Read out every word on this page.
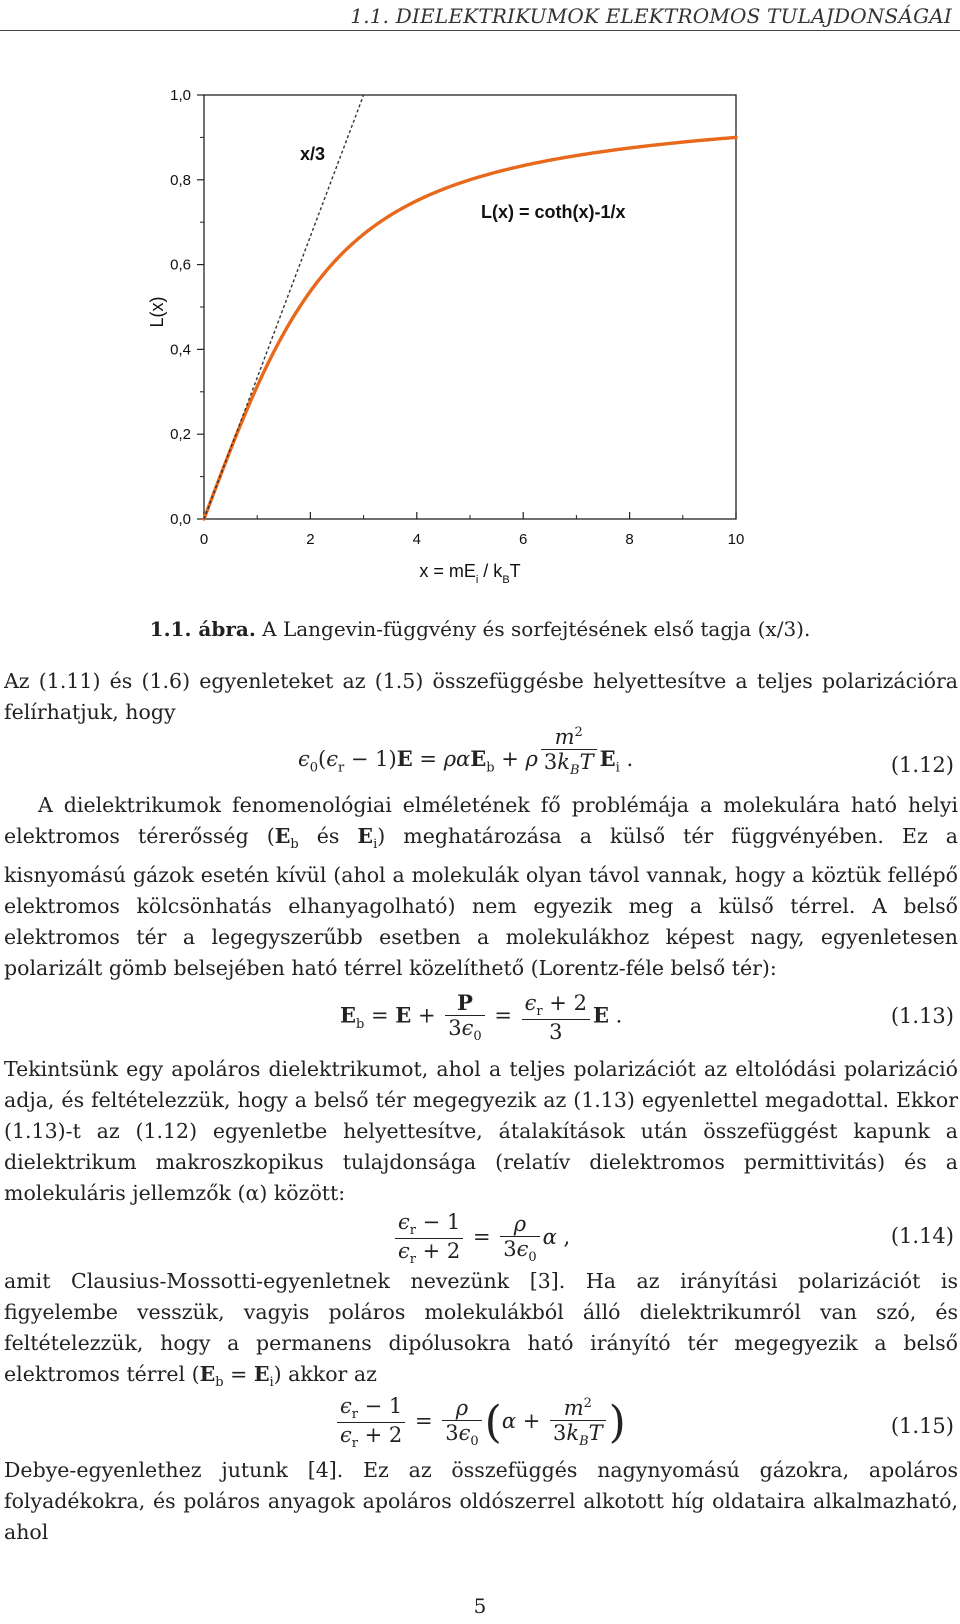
1.1. DIELEKTRIKUMOK ELEKTROMOS TULAJDONSÁGAI
0	2	4	6	8	10
0,0
0,2
0,4
0,6
0,8
1,0
$x = mE_i / k_BT$
L(x)
x/3
L(x) = coth(x)-1/x
1.1. ábra. A Langevin-függvény és sorfejtésének első tagja (x/3).
Az (1.11) és (1.6) egyenleteket az (1.5) összefüggésbe helyettesítve a teljes polarizációra felírhatjuk, hogy
$\epsilon_0(\epsilon_r - 1)E = \rho\alpha E_b + \rho \frac{m^2}{3k_BT} E_i$ .	(1.12)
A dielektrikumok fenomenológiai elméletének fő problémája a molekulára ható helyi elektromos térerősség ($E_b$ és $E_i$) meghatározása a külső tér függvényében. Ez a kisnyomású gázok esetén kívül (ahol a molekulák olyan távol vannak, hogy a köztük fellépő elektromos kölcsönhatás elhanyagolható) nem egyezik meg a külső térrel. A belső elektromos tér a legegyszerűbb esetben a molekulákhoz képest nagy, egyenletesen polarizált gömb belsejében ható térrel közelíthető (Lorentz-féle belső tér):
$E_b = E + \frac{P}{3\epsilon_0} = \frac{\epsilon_r + 2}{3}$ E .	(1.13)
Tekintsünk egy apoláros dielektrikumot, ahol a teljes polarizációt az eltolódási polarizáció adja, és feltételezzük, hogy a belső tér megegyezik az (1.13) egyenlettel megadottal. Ekkor (1.13)-t az (1.12) egyenletbe helyettesítve, átalakítások után összefüggést kapunk a dielektrikum makroszkopikus tulajdonsága (relatív dielektromos permittivitás) és a molekuláris jellemzők (α) között:
$\frac{\epsilon_r - 1}{\epsilon_r + 2} = \frac{\rho}{3\epsilon_0}$ α ,	(1.14)
amit Clausius-Mossotti-egyenletnek nevezünk [3]. Ha az irányítási polarizációt is figyelembe vesszük, vagyis poláros molekulákból álló dielektrikumról van szó, és feltételezzük, hogy a permanens dipólusokra ható irányító tér megegyezik a belső elektromos térrel $(E_b = E_i)$ akkor az
$\frac{\epsilon_r - 1}{\epsilon_r + 2} = \frac{\rho}{3\epsilon_0} (\alpha + \frac{m^2}{3k_BT}$ )	(1.15)
Debye-egyenlethez jutunk [4]. Ez az összefüggés nagynyomású gázokra, apoláros folyadékokra, és poláros anyagok apoláros oldószerrel alkotott híg oldataira alkalmazható, ahol
5
